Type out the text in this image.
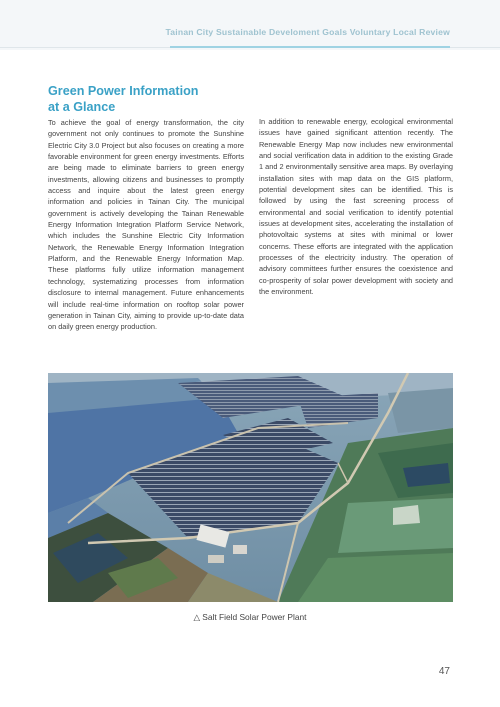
Tainan City Sustainable Develoment Goals Voluntary Local Review
Green Power Information
at a Glance

To achieve the goal of energy transformation, the city government not only continues to promote the Sunshine Electric City 3.0 Project but also focuses on creating a more favorable environment for green energy investments. Efforts are being made to eliminate barriers to green energy investments, allowing citizens and businesses to promptly access and inquire about the latest green energy information and policies in Tainan City. The municipal government is actively developing the Tainan Renewable Energy Information Integration Platform Service Network, which includes the Sunshine Electric City Information Network, the Renewable Energy Information Integration Platform, and the Renewable Energy Information Map. These platforms fully utilize information management technology, systematizing processes from information disclosure to internal management. Future enhancements will include real-time information on rooftop solar power generation in Tainan City, aiming to provide up-to-date data on daily green energy production.

In addition to renewable energy, ecological environmental issues have gained significant attention recently. The Renewable Energy Map now includes new environmental and social verification data in addition to the existing Grade 1 and 2 environmentally sensitive area maps. By overlaying installation sites with map data on the GIS platform, potential development sites can be identified. This is followed by using the fast screening process of environmental and social verification to identify potential issues at development sites, accelerating the installation of photovoltaic systems at sites with minimal or lower concerns. These efforts are integrated with the application processes of the electricity industry. The operation of advisory committees further ensures the coexistence and co-prosperity of solar power development with society and the environment.

△ Salt Field Solar Power Plant
47
